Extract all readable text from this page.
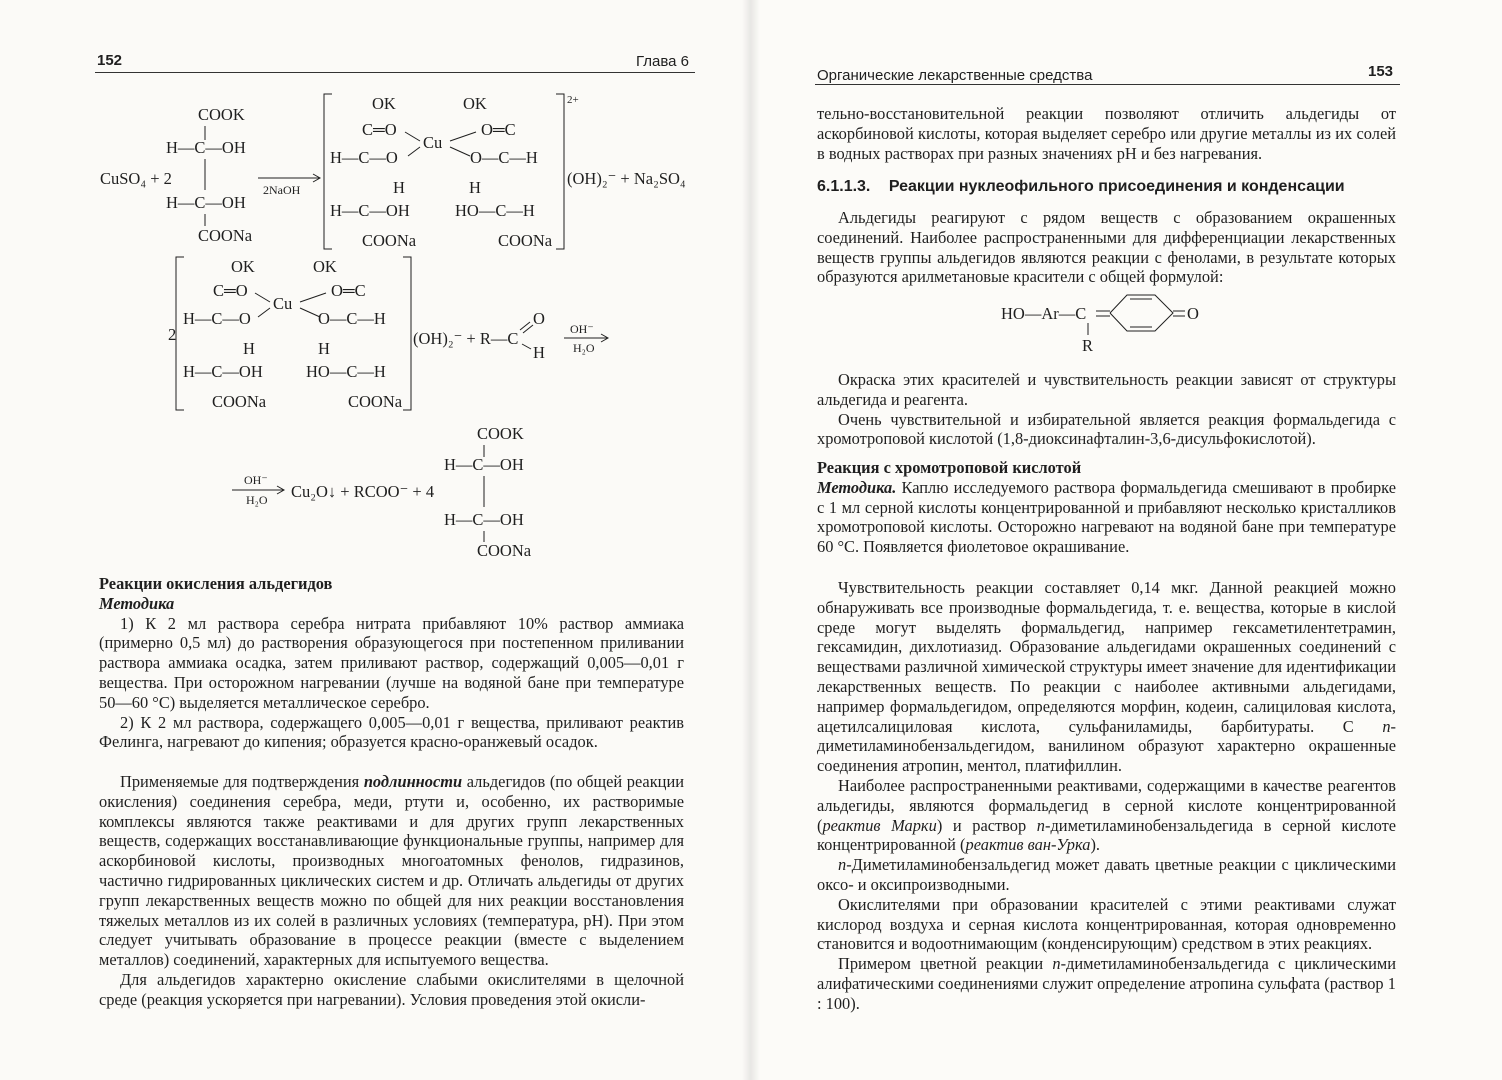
152	Глава 6
COOK
H—C—OH
H—C—OH
COONa
CuSO₄ + 2
2NaOH
2+
OK	OK
C═O	O═C
Cu
H—C—O	O—C—H
H	H
H—C—OH	HO—C—H
COONa	COONa
(OH)₂⁻ + Na₂SO₄
2
OK	OK
C═O	O═C
Cu
H—C—O	O—C—H
H	H
H—C—OH	HO—C—H
COONa	COONa
(OH)₂⁻ + R—C
O
H
OH⁻
H₂O
OH⁻
H₂O Cu₂O↓ + RCOO⁻ + 4
COOK
H—C—OH
H—C—OH
COONa

Реакции окисления альдегидов

Методика

1) К 2 мл раствора серебра нитрата прибавляют 10% раствор аммиака (примерно 0,5 мл) до растворения образующегося при постепенном приливании раствора аммиака осадка, затем приливают раствор, содержащий 0,005—0,01 г вещества. При осторожном нагревании (лучше на водяной бане при температуре 50—60 °С) выделяется металлическое серебро.

2) К 2 мл раствора, содержащего 0,005—0,01 г вещества, приливают реактив Фелинга, нагревают до кипения; образуется красно-оранжевый осадок.

Применяемые для подтверждения подлинности альдегидов (по общей реакции окисления) соединения серебра, меди, ртути и, особенно, их растворимые комплексы являются также реактивами и для других групп лекарственных веществ, содержащих восстанавливающие функциональные группы, например для аскорбиновой кислоты, производных многоатомных фенолов, гидразинов, частично гидрированных циклических систем и др. Отличать альдегиды от других групп лекарственных веществ можно по общей для них реакции восстановления тяжелых металлов из их солей в различных условиях (температура, pH). При этом следует учитывать образование в процессе реакции (вместе с выделением металлов) соединений, характерных для испытуемого вещества.

Для альдегидов характерно окисление слабыми окислителями в щелочной среде (реакция ускоряется при нагревании). Условия проведения этой окисли-

Органические лекарственные средства	153

тельно-восстановительной реакции позволяют отличить альдегиды от аскорбиновой кислоты, которая выделяет серебро или другие металлы из их солей в водных растворах при разных значениях pH и без нагревания.

6.1.1.3. Реакции нуклеофильного присоединения и конденсации

Альдегиды реагируют с рядом веществ с образованием окрашенных соединений. Наиболее распространенными для дифференциации лекарственных веществ группы альдегидов являются реакции с фенолами, в результате которых образуются арилметановые красители с общей формулой:

HO—Ar—C	O
R

Окраска этих красителей и чувствительность реакции зависят от структуры альдегида и реагента.

Очень чувствительной и избирательной является реакция формальдегида с хромотроповой кислотой (1,8-диоксинафталин-3,6-дисульфокислотой).

Реакция с хромотроповой кислотой

Методика. Каплю исследуемого раствора формальдегида смешивают в пробирке с 1 мл серной кислоты концентрированной и прибавляют несколько кристалликов хромотроповой кислоты. Осторожно нагревают на водяной бане при температуре 60 °С. Появляется фиолетовое окрашивание.

Чувствительность реакции составляет 0,14 мкг. Данной реакцией можно обнаруживать все производные формальдегида, т. е. вещества, которые в кислой среде могут выделять формальдегид, например гексаметилентетрамин, гексамидин, дихлотиазид. Образование альдегидами окрашенных соединений с веществами различной химической структуры имеет значение для идентификации лекарственных веществ. По реакции с наиболее активными альдегидами, например формальдегидом, определяются морфин, кодеин, салициловая кислота, ацетилсалициловая кислота, сульфаниламиды, барбитураты. С п-диметиламинобензальдегидом, ванилином образуют характерно окрашенные соединения атропин, ментол, платифиллин.

Наиболее распространенными реактивами, содержащими в качестве реагентов альдегиды, являются формальдегид в серной кислоте концентрированной (реактив Марки) и раствор п-диметиламинобензальдегида в серной кислоте концентрированной (реактив ван-Урка).

п-Диметиламинобензальдегид может давать цветные реакции с циклическими оксо- и оксипроизводными.

Окислителями при образовании красителей с этими реактивами служат кислород воздуха и серная кислота концентрированная, которая одновременно становится и водоотнимающим (конденсирующим) средством в этих реакциях.

Примером цветной реакции п-диметиламинобензальдегида с циклическими алифатическими соединениями служит определение атропина сульфата (раствор 1 : 100).
